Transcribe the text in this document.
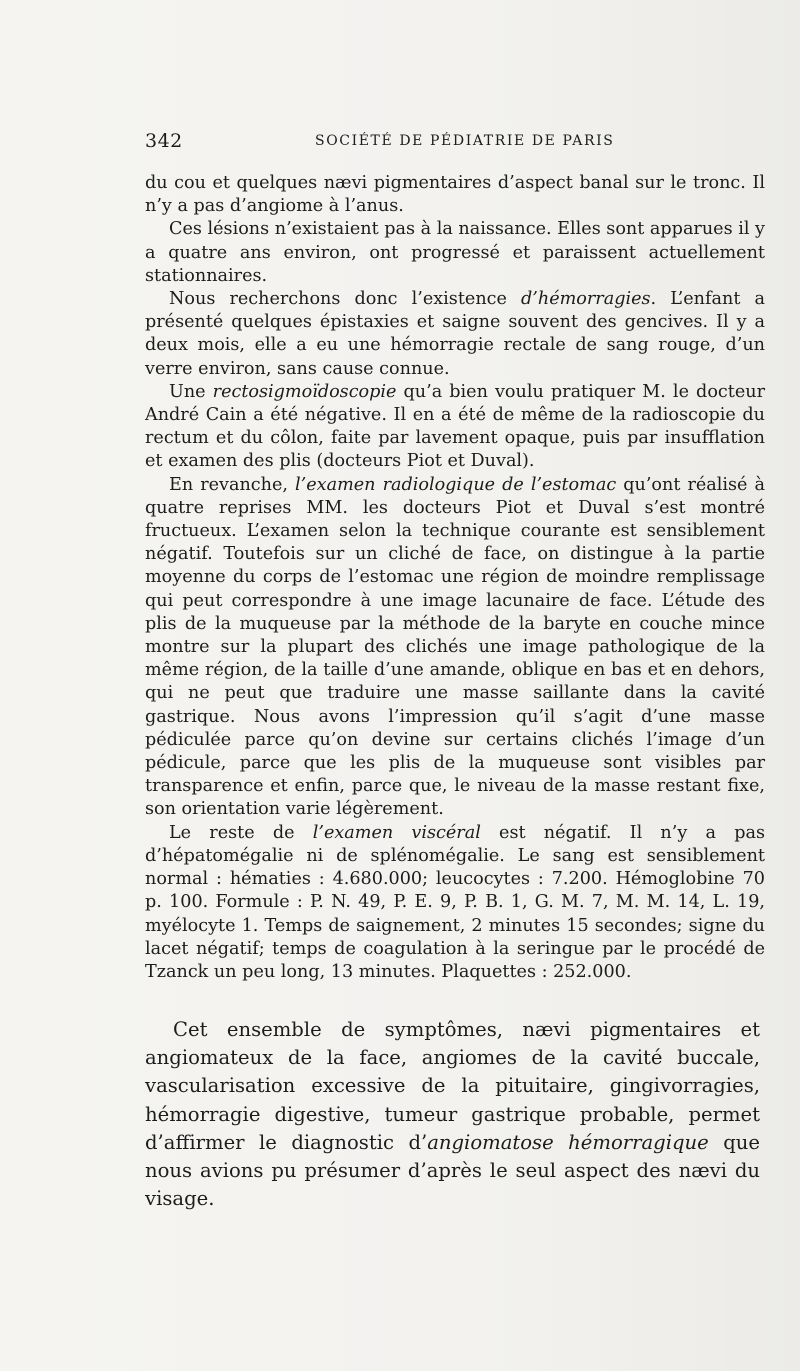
342	SOCIÉTÉ DE PÉDIATRIE DE PARIS

du cou et quelques nævi pigmentaires d’aspect banal sur le tronc. Il n’y a pas d’angiome à l’anus.

Ces lésions n’existaient pas à la naissance. Elles sont apparues il y a quatre ans environ, ont progressé et paraissent actuellement stationnaires.

Nous recherchons donc l’existence d’hémorragies. L’enfant a présenté quelques épistaxies et saigne souvent des gencives. Il y a deux mois, elle a eu une hémorragie rectale de sang rouge, d’un verre environ, sans cause connue.

Une rectosigmoïdoscopie qu’a bien voulu pratiquer M. le docteur André Cain a été négative. Il en a été de même de la radioscopie du rectum et du côlon, faite par lavement opaque, puis par insufflation et examen des plis (docteurs Piot et Duval).

En revanche, l’examen radiologique de l’estomac qu’ont réalisé à quatre reprises MM. les docteurs Piot et Duval s’est montré fructueux. L’examen selon la technique courante est sensiblement négatif. Toutefois sur un cliché de face, on distingue à la partie moyenne du corps de l’estomac une région de moindre remplissage qui peut correspondre à une image lacunaire de face. L’étude des plis de la muqueuse par la méthode de la baryte en couche mince montre sur la plupart des clichés une image pathologique de la même région, de la taille d’une amande, oblique en bas et en dehors, qui ne peut que traduire une masse saillante dans la cavité gastrique. Nous avons l’impression qu’il s’agit d’une masse pédiculée parce qu’on devine sur certains clichés l’image d’un pédicule, parce que les plis de la muqueuse sont visibles par transparence et enfin, parce que, le niveau de la masse restant fixe, son orientation varie légèrement.

Le reste de l’examen viscéral est négatif. Il n’y a pas d’hépatomégalie ni de splénomégalie. Le sang est sensiblement normal : hématies : 4.680.000; leucocytes : 7.200. Hémoglobine 70 p. 100. Formule : P. N. 49, P. E. 9, P. B. 1, G. M. 7, M. M. 14, L. 19, myélocyte 1. Temps de saignement, 2 minutes 15 secondes; signe du lacet négatif; temps de coagulation à la seringue par le procédé de Tzanck un peu long, 13 minutes. Plaquettes : 252.000.

Cet ensemble de symptômes, nævi pigmentaires et angiomateux de la face, angiomes de la cavité buccale, vascularisation excessive de la pituitaire, gingivorragies, hémorragie digestive, tumeur gastrique probable, permet d’affirmer le diagnostic d’angiomatose hémorragique que nous avions pu présumer d’après le seul aspect des nævi du visage.
